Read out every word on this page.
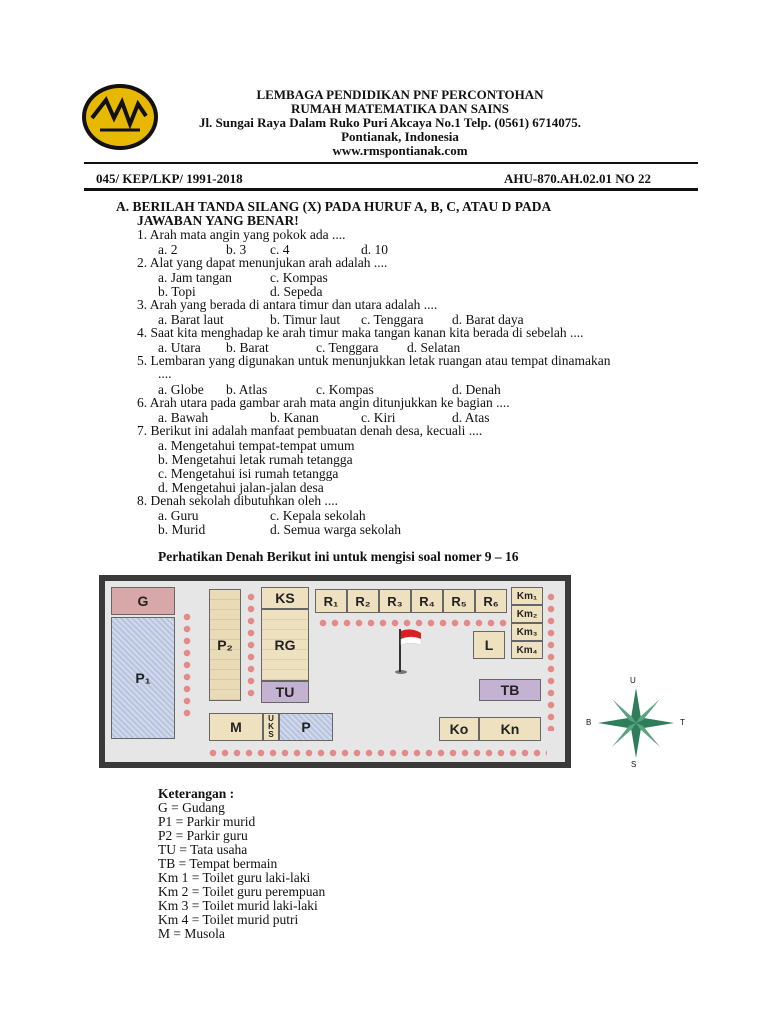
LEMBAGA PENDIDIKAN PNF PERCONTOHAN
RUMAH MATEMATIKA DAN SAINS
Jl. Sungai Raya Dalam Ruko Puri Akcaya No.1 Telp. (0561) 6714075.
Pontianak, Indonesia
www.rmspontianak.com
045/ KEP/LKP/ 1991-2018	AHU-870.AH.02.01 NO 22
A. BERILAH TANDA SILANG (X) PADA HURUF A, B, C, ATAU D PADA
JAWABAN YANG BENAR!
1. Arah mata angin yang pokok ada ....
a. 2	b. 3 c. 4	d. 10
2. Alat yang dapat menunjukan arah adalah ....
a. Jam tangan	c. Kompas
b. Topi	d. Sepeda
3. Arah yang berada di antara timur dan utara adalah ....
a. Barat laut	b. Timur laut c. Tenggara d. Barat daya
4. Saat kita menghadap ke arah timur maka tangan kanan kita berada di sebelah ....
a. Utara b. Barat	c. Tenggara d. Selatan
5. Lembaran yang digunakan untuk menunjukkan letak ruangan atau tempat dinamakan
....
a. Globe b. Atlas	c. Kompas	d. Denah
6. Arah utara pada gambar arah mata angin ditunjukkan ke bagian ....
a. Bawah	b. Kanan	c. Kiri	d. Atas
7. Berikut ini adalah manfaat pembuatan denah desa, kecuali ....
a. Mengetahui tempat-tempat umum
b. Mengetahui letak rumah tetangga
c. Mengetahui isi rumah tetangga
d. Mengetahui jalan-jalan desa
8. Denah sekolah dibutuhkan oleh ....
a. Guru	c. Kepala sekolah
b. Murid	d. Semua warga sekolah
Perhatikan Denah Berikut ini untuk mengisi soal nomer 9 – 16
G
P₁
P₂
KS
RG
TU
R₁ R₂ R₃ R₄ R₅ R₆ Km₁
Km₂
Km₃
Km₄
L
TB
M
U K S P	Ko Kn
U
S
T
B
Keterangan :
G = Gudang
P1 = Parkir murid
P2 = Parkir guru
TU = Tata usaha
TB = Tempat bermain
Km 1 = Toilet guru laki-laki
Km 2 = Toilet guru perempuan
Km 3 = Toilet murid laki-laki
Km 4 = Toilet murid putri
M = Musola
